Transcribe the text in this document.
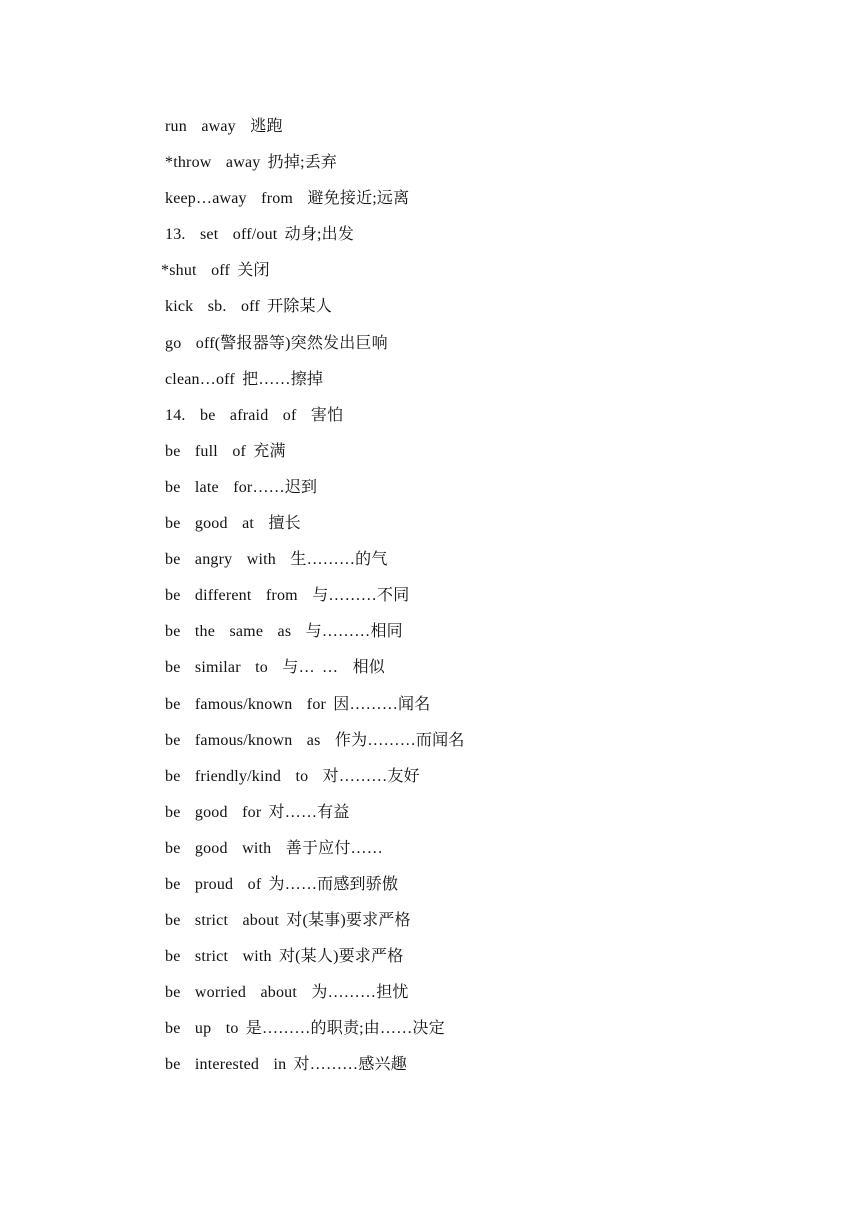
run  away  逃跑
*throw  away 扔掉;丢弃
keep…away  from  避免接近;远离
13.  set  off/out 动身;出发
*shut  off 关闭
kick  sb.  off 开除某人
go  off(警报器等)突然发出巨响
clean…off 把……擦掉
14.  be  afraid  of  害怕
be  full  of 充满
be  late  for……迟到
be  good  at  擅长
be  angry  with  生………的气
be  different  from  与………不同
be  the  same  as  与………相同
be  similar  to  与… …  相似
be  famous/known  for 因………闻名
be  famous/known  as  作为………而闻名
be  friendly/kind  to  对………友好
be  good  for 对……有益
be  good  with  善于应付……
be  proud  of 为……而感到骄傲
be  strict  about 对(某事)要求严格
be  strict  with 对(某人)要求严格
be  worried  about  为………担忧
be  up  to 是………的职责;由……决定
be  interested  in 对………感兴趣
